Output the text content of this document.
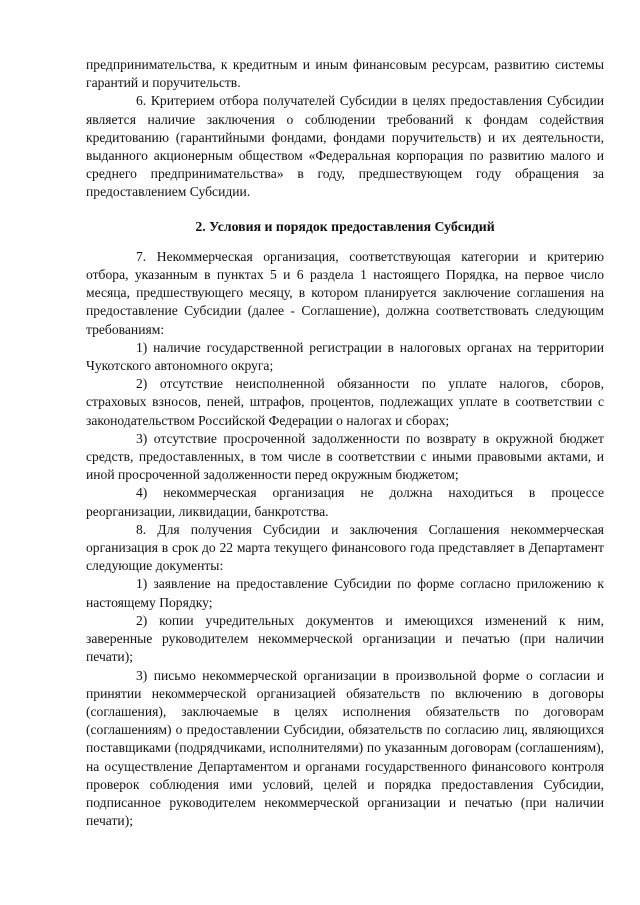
предпринимательства, к кредитным и иным финансовым ресурсам, развитию системы гарантий и поручительств.

6. Критерием отбора получателей Субсидии в целях предоставления Субсидии является наличие заключения о соблюдении требований к фондам содействия кредитованию (гарантийными фондами, фондами поручительств) и их деятельности, выданного акционерным обществом «Федеральная корпорация по развитию малого и среднего предпринимательства» в году, предшествующем году обращения за предоставлением Субсидии.

2. Условия и порядок предоставления Субсидий

7. Некоммерческая организация, соответствующая категории и критерию отбора, указанным в пунктах 5 и 6 раздела 1 настоящего Порядка, на первое число месяца, предшествующего месяцу, в котором планируется заключение соглашения на предоставление Субсидии (далее - Соглашение), должна соответствовать следующим требованиям:

1) наличие государственной регистрации в налоговых органах на территории Чукотского автономного округа;

2) отсутствие неисполненной обязанности по уплате налогов, сборов, страховых взносов, пеней, штрафов, процентов, подлежащих уплате в соответствии с законодательством Российской Федерации о налогах и сборах;

3) отсутствие просроченной задолженности по возврату в окружной бюджет средств, предоставленных, в том числе в соответствии с иными правовыми актами, и иной просроченной задолженности перед окружным бюджетом;

4) некоммерческая организация не должна находиться в процессе реорганизации, ликвидации, банкротства.

8. Для получения Субсидии и заключения Соглашения некоммерческая организация в срок до 22 марта текущего финансового года представляет в Департамент следующие документы:

1) заявление на предоставление Субсидии по форме согласно приложению к настоящему Порядку;

2) копии учредительных документов и имеющихся изменений к ним, заверенные руководителем некоммерческой организации и печатью (при наличии печати);

3) письмо некоммерческой организации в произвольной форме о согласии и принятии некоммерческой организацией обязательств по включению в договоры (соглашения), заключаемые в целях исполнения обязательств по договорам (соглашениям) о предоставлении Субсидии, обязательств по согласию лиц, являющихся поставщиками (подрядчиками, исполнителями) по указанным договорам (соглашениям), на осуществление Департаментом и органами государственного финансового контроля проверок соблюдения ими условий, целей и порядка предоставления Субсидии, подписанное руководителем некоммерческой организации и печатью (при наличии печати);
